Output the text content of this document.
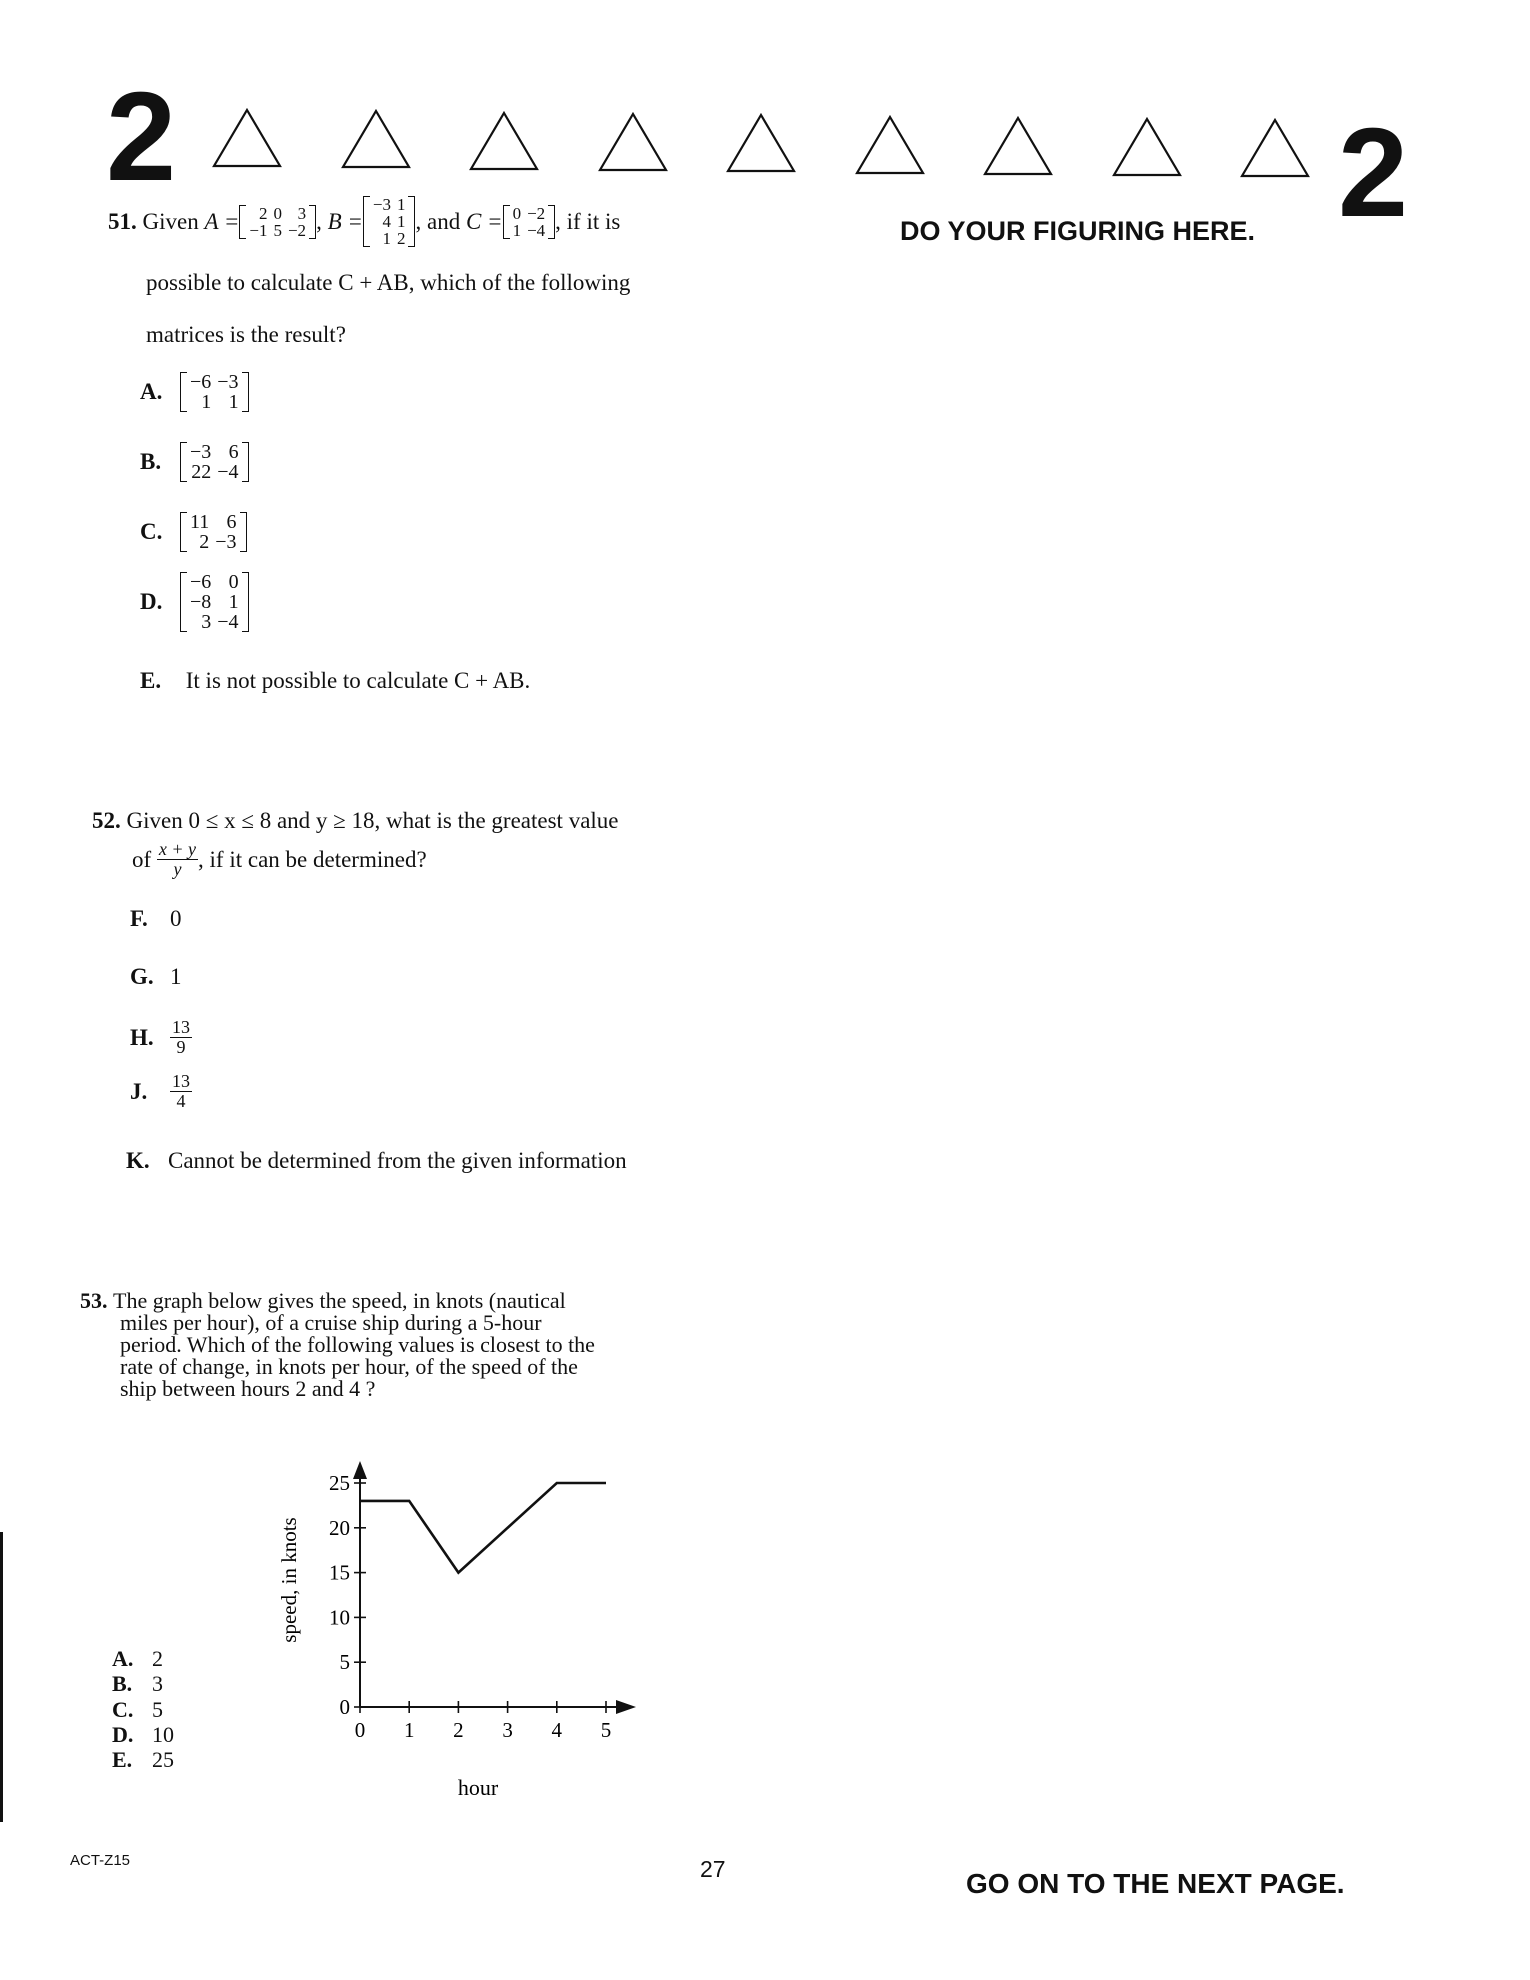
2	2
DO YOUR FIGURING HERE.
51.
Given
A = 2	0	3
−1	5	−2 , B =
−3	1
4	1
1	2
, and
C = 0	−2
1	−4 , if it is
possible to calculate C + AB, which of the following
matrices is the result?
A.	−6	−3
1	1
B.	−3	6
22	−4
C.	11	6
2	−3
D.
−6	0
−8	1
3	−4
E. It is not possible to calculate C + AB.
52. Given 0 ≤ x ≤ 8 and y ≥ 18, what is the greatest value
of
$\frac{x + y}{y}$ , if it can be determined?
F. 0
G. 1
H. $\frac{13}{9}$
J.	$\frac{13}{4}$
K. Cannot be determined from the given information
53. The graph below gives the speed, in knots (nautical
miles per hour), of a cruise ship during a 5-hour
period. Which of the following values is closest to the
rate of change, in knots per hour, of the speed of the
ship between hours 2 and 4 ?
A. 2
B. 3
C. 5
D. 10
E. 25
0
5
10
15
20
25
0 1 2 3 4 5
speed, in knots
hour
ACT-Z15	27	GO ON TO THE NEXT PAGE.
